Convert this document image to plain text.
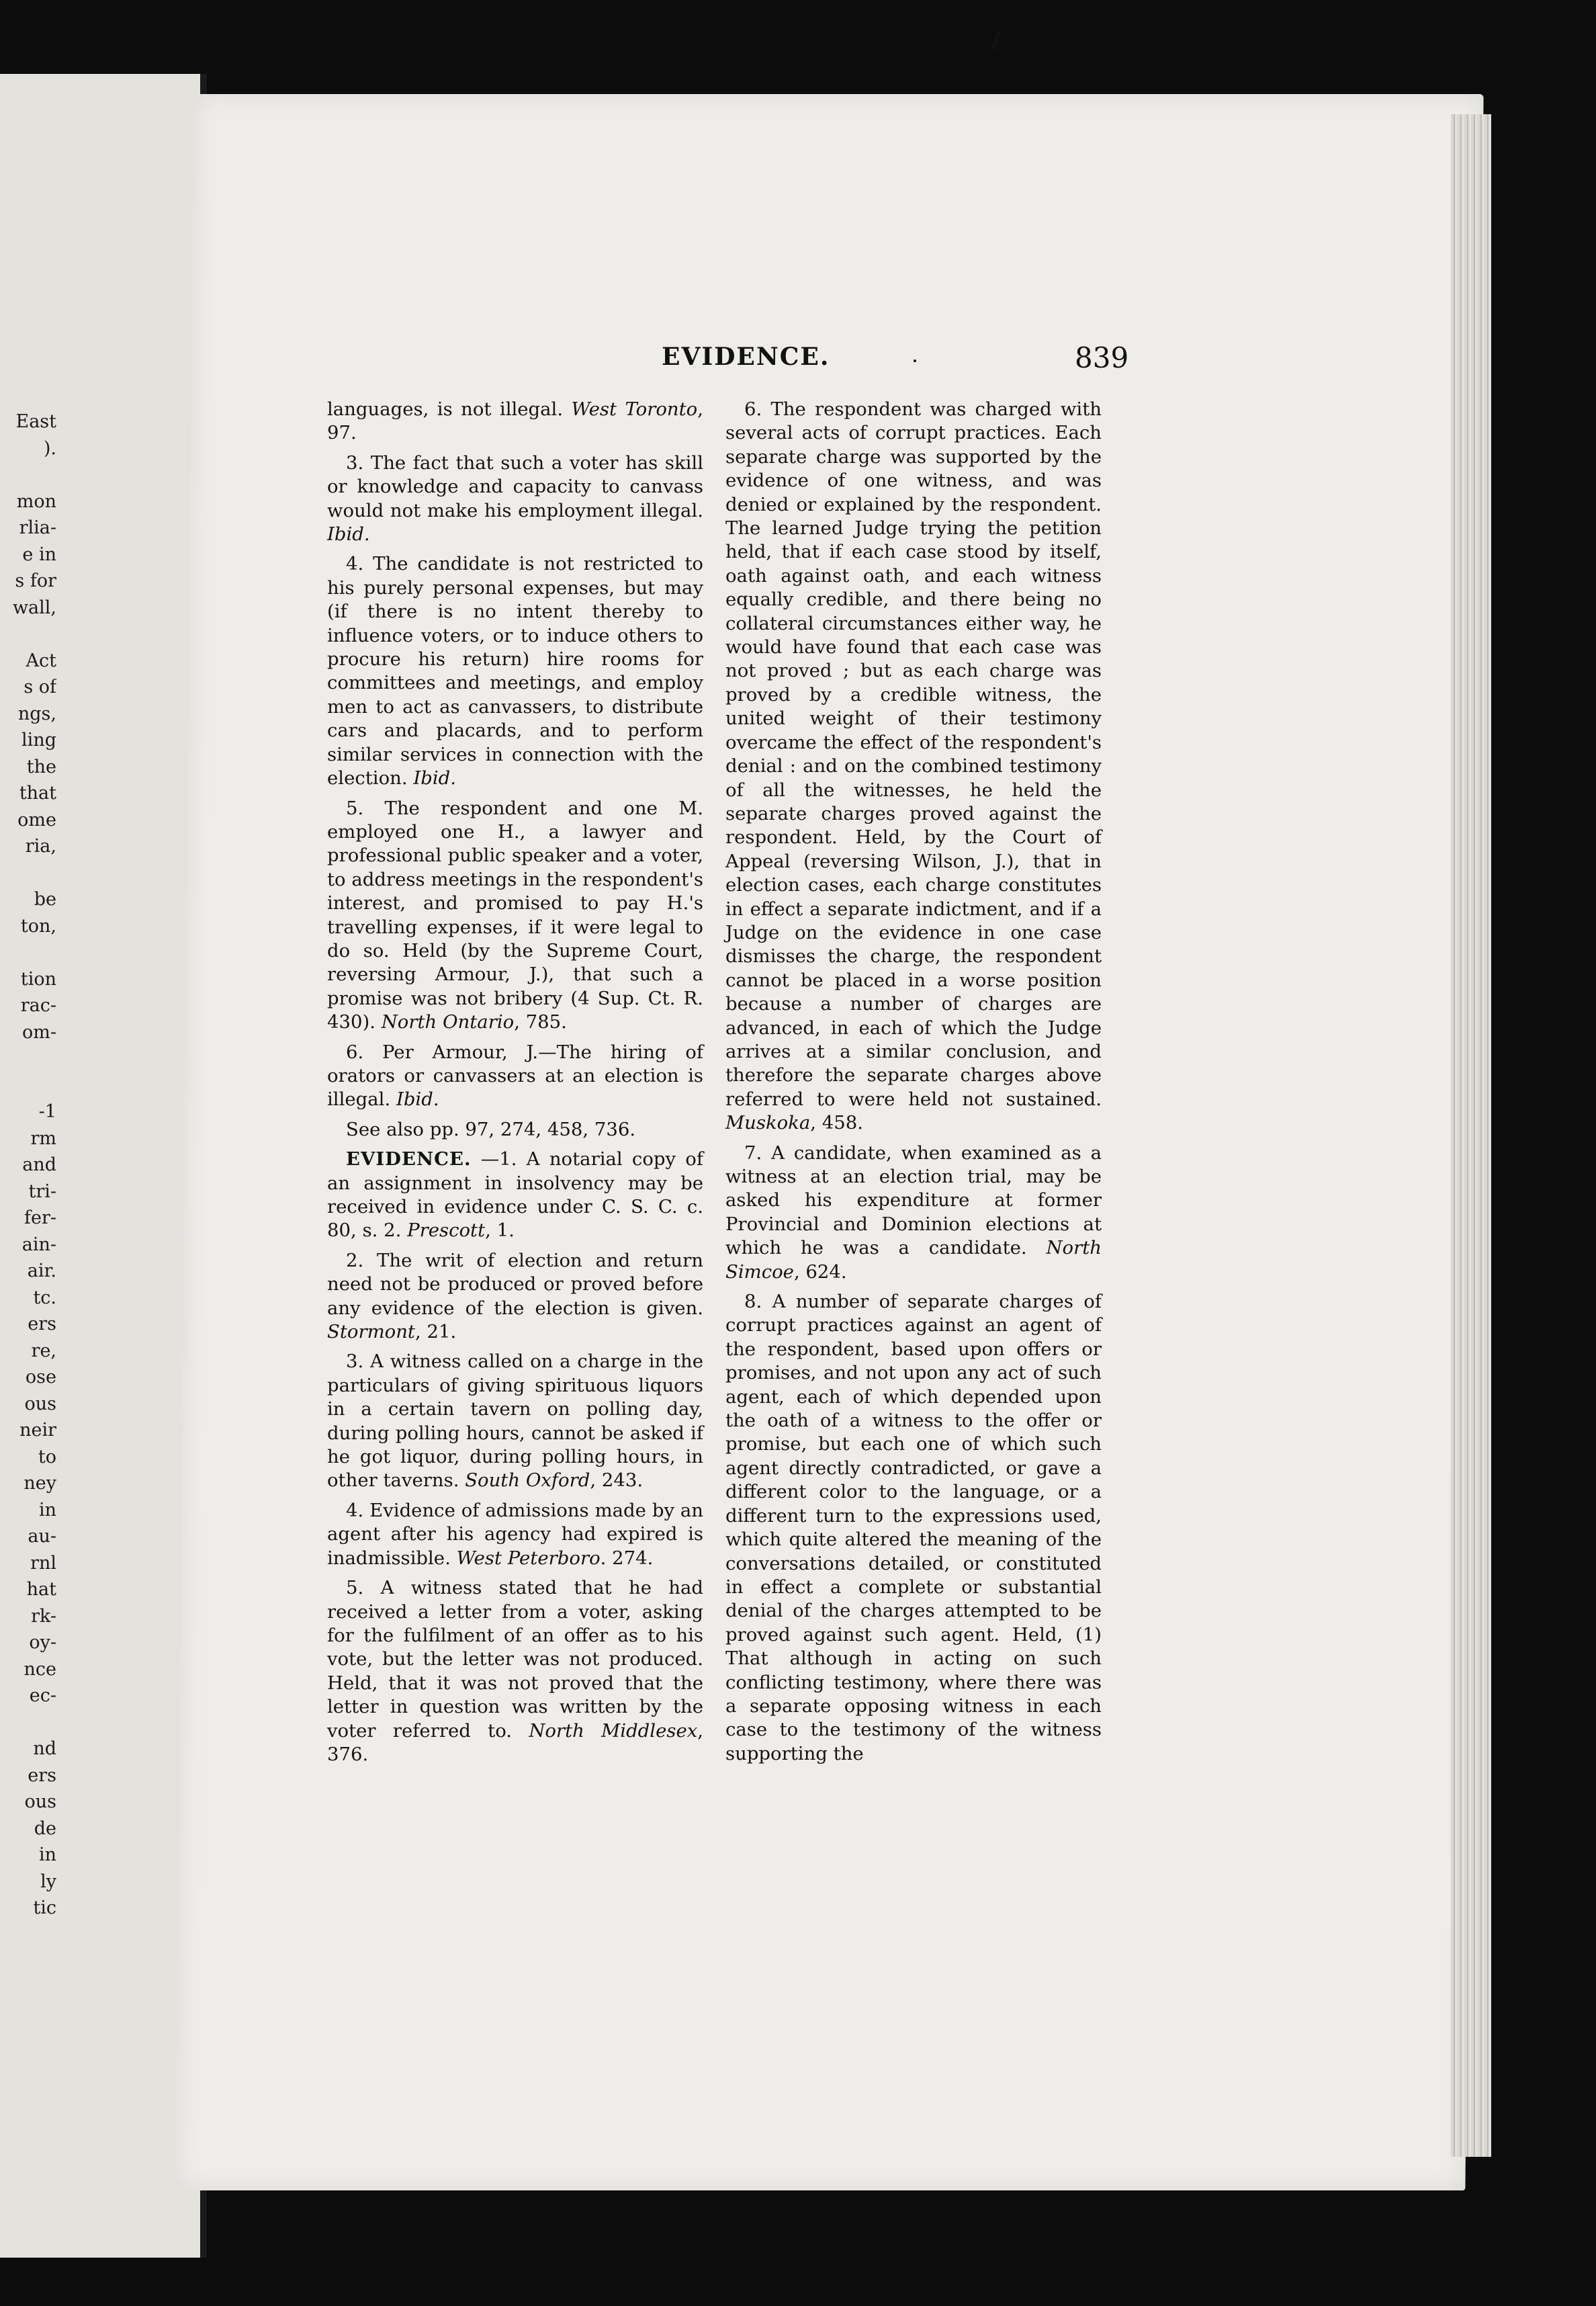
East
).
mon
rlia-
e in
s for
wall,
Act
s of
ngs,
ling
the
that
ome
ria,
be
ton,
tion
rac-
om-
-1
rm
and
tri-
fer-
ain-
air.
tc.
ers
re,
ose
ous
neir
to
ney
in
au-
rnl
hat
rk-
oy-
nce
ec-
nd
ers
ous
de
in
ly
tic
EVIDENCE.	839

languages, is not illegal. West Toronto, 97.

3. The fact that such a voter has skill or knowledge and capacity to canvass would not make his employment illegal. Ibid.

4. The candidate is not restricted to his purely personal expenses, but may (if there is no intent thereby to influence voters, or to induce others to procure his return) hire rooms for committees and meetings, and employ men to act as canvassers, to distribute cars and placards, and to perform similar services in connection with the election. Ibid.

5. The respondent and one M. employed one H., a lawyer and professional public speaker and a voter, to address meetings in the respondent's interest, and promised to pay H.'s travelling expenses, if it were legal to do so. Held (by the Supreme Court, reversing Armour, J.), that such a promise was not bribery (4 Sup. Ct. R. 430). North Ontario, 785.

6. Per Armour, J.—The hiring of orators or canvassers at an election is illegal. Ibid.

See also pp. 97, 274, 458, 736.

EVIDENCE. —1. A notarial copy of an assignment in insolvency may be received in evidence under C. S. C. c. 80, s. 2. Prescott, 1.

2. The writ of election and return need not be produced or proved before any evidence of the election is given. Stormont, 21.

3. A witness called on a charge in the particulars of giving spirituous liquors in a certain tavern on polling day, during polling hours, cannot be asked if he got liquor, during polling hours, in other taverns. South Oxford, 243.

4. Evidence of admissions made by an agent after his agency had expired is inadmissible. West Peterboro. 274.

5. A witness stated that he had received a letter from a voter, asking for the fulfilment of an offer as to his vote, but the letter was not produced. Held, that it was not proved that the letter in question was written by the voter referred to. North Middlesex, 376.

6. The respondent was charged with several acts of corrupt practices. Each separate charge was supported by the evidence of one witness, and was denied or explained by the respondent. The learned Judge trying the petition held, that if each case stood by itself, oath against oath, and each witness equally credible, and there being no collateral circumstances either way, he would have found that each case was not proved ; but as each charge was proved by a credible witness, the united weight of their testimony overcame the effect of the respondent's denial : and on the combined testimony of all the witnesses, he held the separate charges proved against the respondent. Held, by the Court of Appeal (reversing Wilson, J.), that in election cases, each charge constitutes in effect a separate indictment, and if a Judge on the evidence in one case dismisses the charge, the respondent cannot be placed in a worse position because a number of charges are advanced, in each of which the Judge arrives at a similar conclusion, and therefore the separate charges above referred to were held not sustained. Muskoka, 458.

7. A candidate, when examined as a witness at an election trial, may be asked his expenditure at former Provincial and Dominion elections at which he was a candidate. North Simcoe, 624.

8. A number of separate charges of corrupt practices against an agent of the respondent, based upon offers or promises, and not upon any act of such agent, each of which depended upon the oath of a witness to the offer or promise, but each one of which such agent directly contradicted, or gave a different color to the language, or a different turn to the expressions used, which quite altered the meaning of the conversations detailed, or constituted in effect a complete or substantial denial of the charges attempted to be proved against such agent. Held, (1) That although in acting on such conflicting testimony, where there was a separate opposing witness in each case to the testimony of the witness supporting the
